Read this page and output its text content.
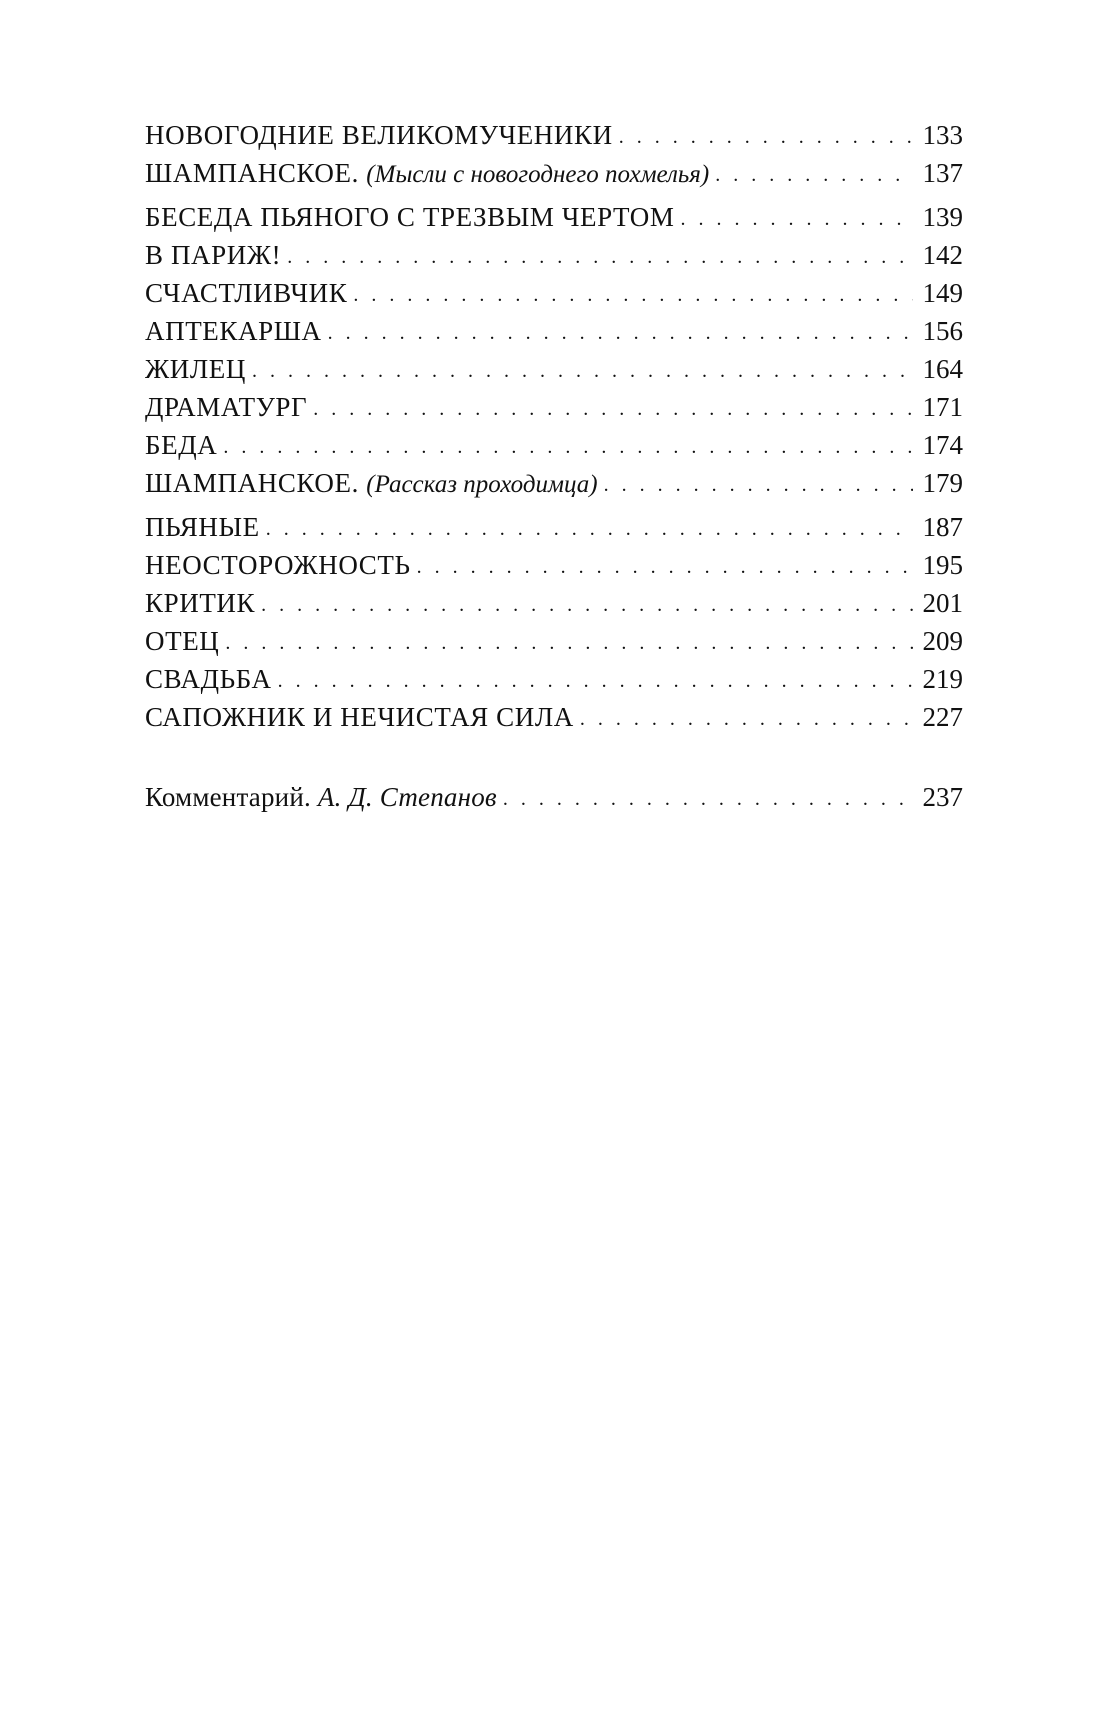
НОВОГОДНИЕ ВЕЛИКОМУЧЕНИКИ . . .	133
ШАМПАНСКОЕ. (Мысли с новогоднего похмелья) . . .	137
БЕСЕДА ПЬЯНОГО С ТРЕЗВЫМ ЧЕРТОМ . . .	139
В ПАРИЖ! . . .	142
СЧАСТЛИВЧИК . . .	149
АПТЕКАРША . . .	156
ЖИЛЕЦ . . .	164
ДРАМАТУРГ . . .	171
БЕДА . . .	174
ШАМПАНСКОЕ. (Рассказ проходимца) . . .	179
ПЬЯНЫЕ . . .	187
НЕОСТОРОЖНОСТЬ . . .	195
КРИТИК . . .	201
ОТЕЦ . . .	209
СВАДЬБА . . .	219
САПОЖНИК И НЕЧИСТАЯ СИЛА . . .	227
Комментарий. А. Д. Степанов . . .	237
